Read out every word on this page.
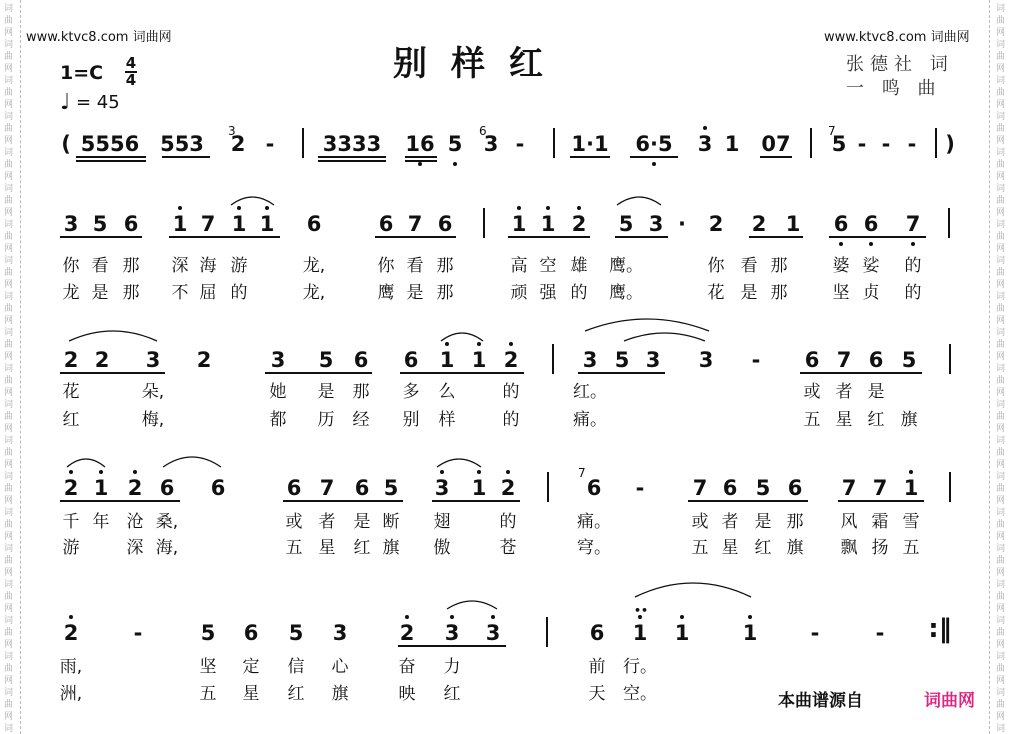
词
曲
网
词
曲
网
词
曲
网
词
曲
网
词
曲
网
词
曲
网
词
曲
网
词
曲
网
词
曲
网
词
曲
网
词
曲
网
词
曲
网
词
曲
网
词
曲
网
词
曲
网
词
曲
网
词
曲
网
词
曲
网
词
曲
网
词
曲
网
词
词
曲
网
词
曲
网
词
曲
网
词
曲
网
词
曲
网
词
曲
网
词
曲
网
词
曲
网
词
曲
网
词
曲
网
词
曲
网
词
曲
网
词
曲
网
词
曲
网
词
曲
网
词
曲
网
词
曲
网
词
曲
网
词
曲
网
词
曲
网
词
www.ktvc8.com 词曲网	www.ktvc8.com 词曲网
别样红
1=C 4
4
♩ = 45
张德社 词
一 鸣 曲
(	)
5556 553 2 - 3333 16 5 3 - 1·1 6·5 3 1 07 5 - - -
3	6	7
3 5 6 1 7 1 1 6	6 7 6	1 1 2 5 3 · 2 2 1 6 6 7
你 看 那 深 海 游	龙,	你 看 那	高 空 雄 鹰。	你 看 那	婆 娑 的
龙 是 那 不 屈 的	龙,	鹰 是 那	顽 强 的 鹰。	花 是 那	坚 贞 的
2 2 3 2	3 5 6 6 1 1 2	3 5 3 3 - 6 7 6 5
花	朵,	她 是 那 多 么	的	红。	或 者 是
红	梅,	都 历 经 别 样	的	痛。	五 星 红 旗
2 1 2 6 6	6 7 6 5 3 1 2	6 - 7 6 5 6 7 7 1
7
千 年 沧 桑,	或 者 是 断 翅	的	痛。	或 者 是 那 风 霜 雪
游	深 海,	五 星 红 旗 傲	苍	穹。	五 星 红 旗 飘 扬 五
2	-	5 6 5 3 2 3 3	6 1 1	1	-	- :‖
••
雨,	坚 定 信 心	奋 力	前 行。
洲,	五 星 红 旗	映 红	天 空。	本曲谱源自	词曲网
